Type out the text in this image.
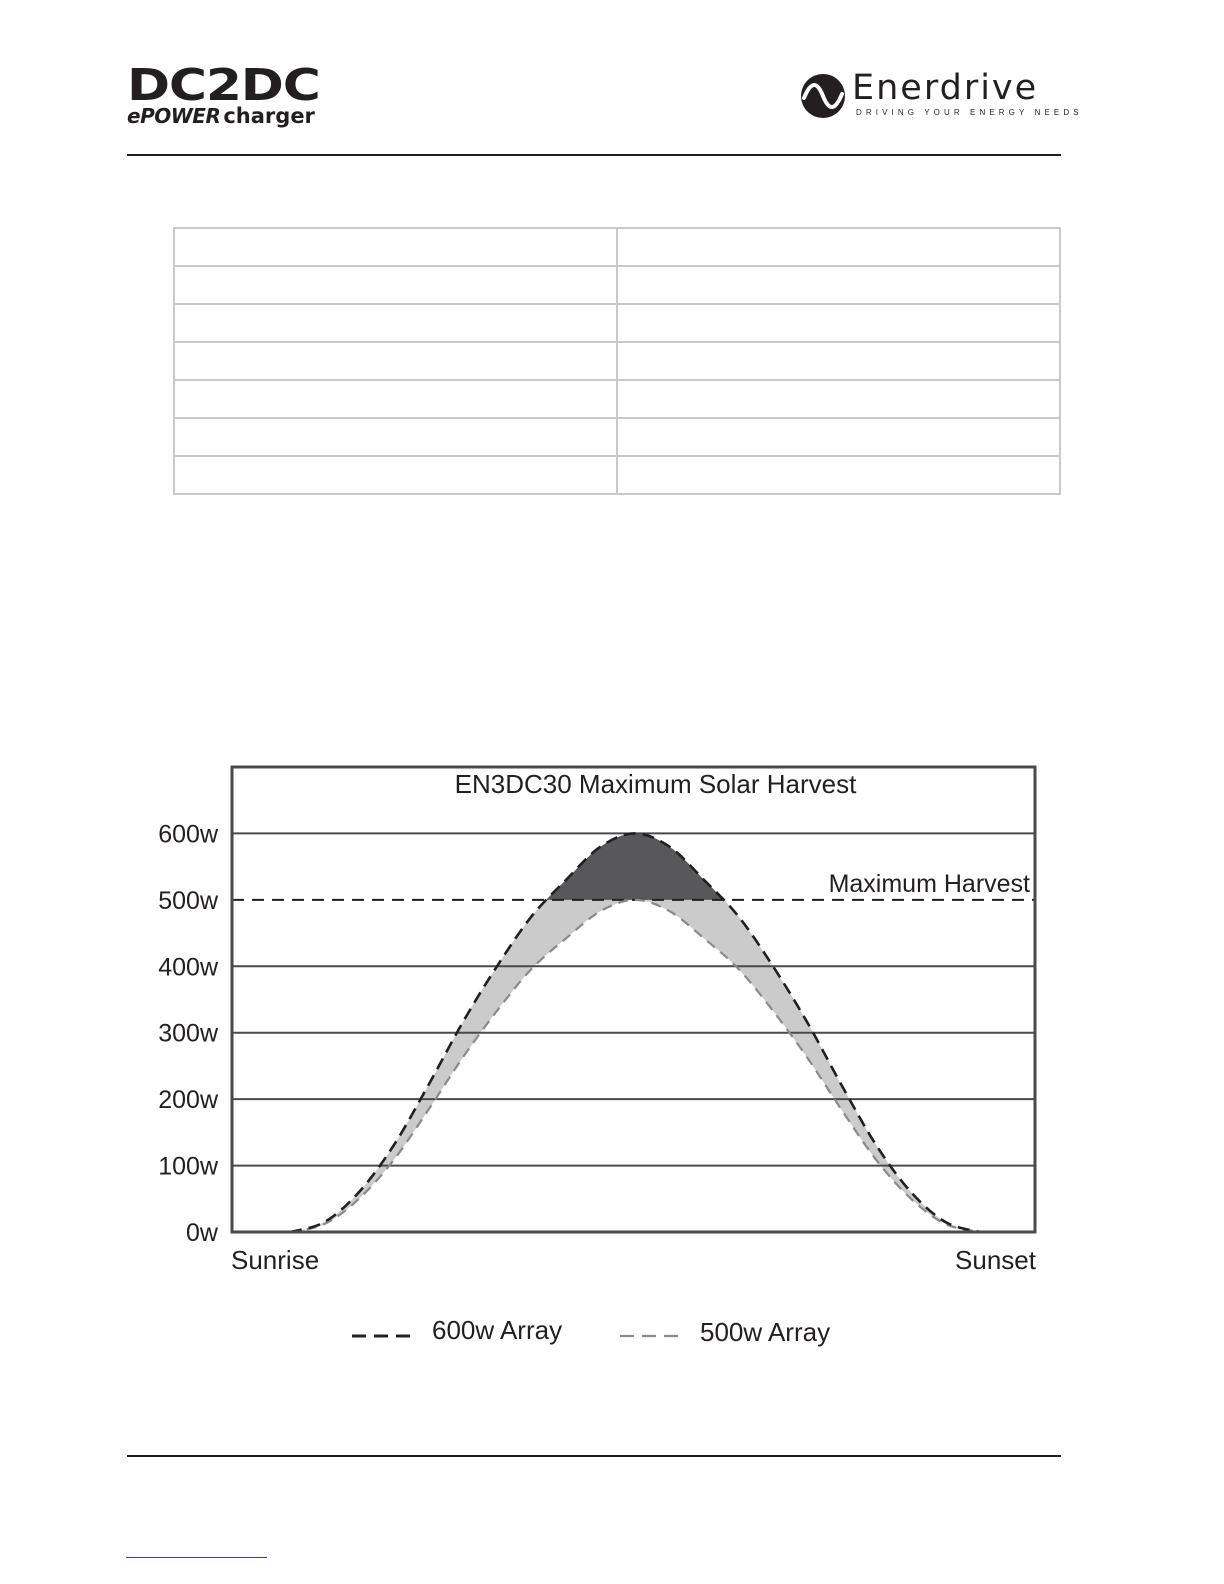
DC2DC
ePOWER charger
Enerdrive
DRIVING YOUR ENERGY NEEDS

0w
100w
200w
300w
400w
500w
600w
EN3DC30 Maximum Solar Harvest
Maximum Harvest
Sunrise	Sunset
600w Array	500w Array
